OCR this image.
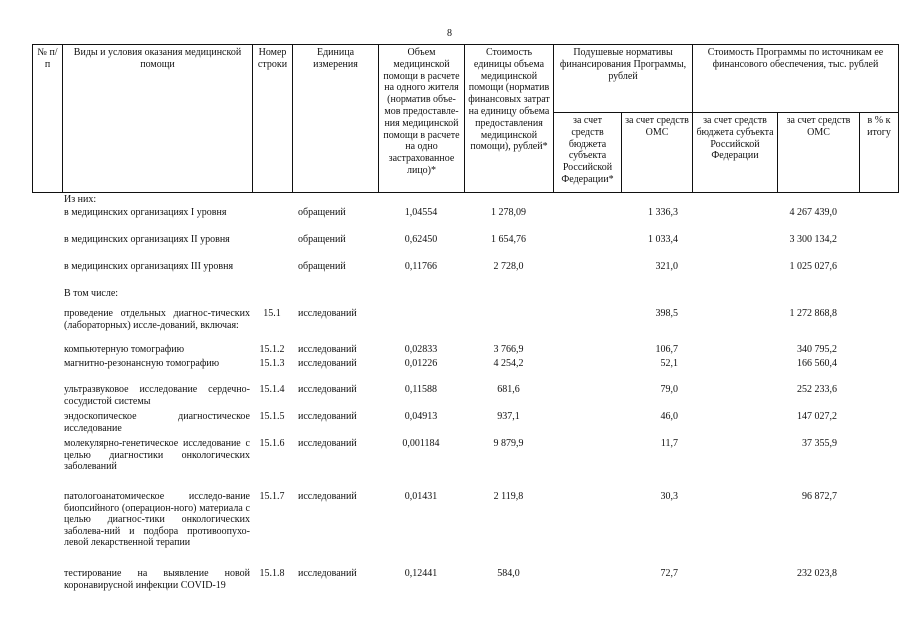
8
№ п/п	Виды и условия оказания медицинской помощи	Номер строки	Единица измерения	Объем медицинской помощи в расчете на одного жителя (норматив объе-мов предоставле-ния медицинской помощи в расчете на одно застрахованное лицо)*	Стоимость единицы объема медицинской помощи (норматив финансовых затрат на единицу объема предоставления медицинской помощи), рублей*	Подушевые нормативы финансирования Программы, рублей		Стоимость Программы по источникам ее финансового обеспечения, тыс. рублей		
						за счет средств бюджета субъекта Российской Федерации*	за счет средств ОМС	за счет средств бюджета субъекта Российской Федерации	за счет средств ОМС	в % к итогу
	Из них:									
	в медицинских организациях I уровня		обращений	1,04554	1 278,09		1 336,3		4 267 439,0	
	в медицинских организациях II уровня		обращений	0,62450	1 654,76		1 033,4		3 300 134,2	
	в медицинских организациях III уровня		обращений	0,11766	2 728,0		321,0		1 025 027,6	
	В том числе:									
	проведение отдельных диагнос-тических (лабораторных) иссле-дований, включая:	15.1	исследований				398,5		1 272 868,8	
	компьютерную томографию	15.1.2	исследований	0,02833	3 766,9		106,7		340 795,2	
	магнитно-резонансную томографию	15.1.3	исследований	0,01226	4 254,2		52,1		166 560,4	
	ультразвуковое исследование сердечно-сосудистой системы	15.1.4	исследований	0,11588	681,6		79,0		252 233,6	
	эндоскопическое диагностическое исследование	15.1.5	исследований	0,04913	937,1		46,0		147 027,2	
	молекулярно-генетическое исследование с целью диагностики онкологических заболеваний	15.1.6	исследований	0,001184	9 879,9		11,7		37 355,9	
	патологоанатомическое исследо-вание биопсийного (операцион-ного) материала с целью диагнос-тики онкологических заболева-ний и подбора противоопухо-левой лекарственной терапии	15.1.7	исследований	0,01431	2 119,8		30,3		96 872,7	
	тестирование на выявление новой коронавирусной инфекции COVID-19	15.1.8	исследований	0,12441	584,0		72,7		232 023,8	
